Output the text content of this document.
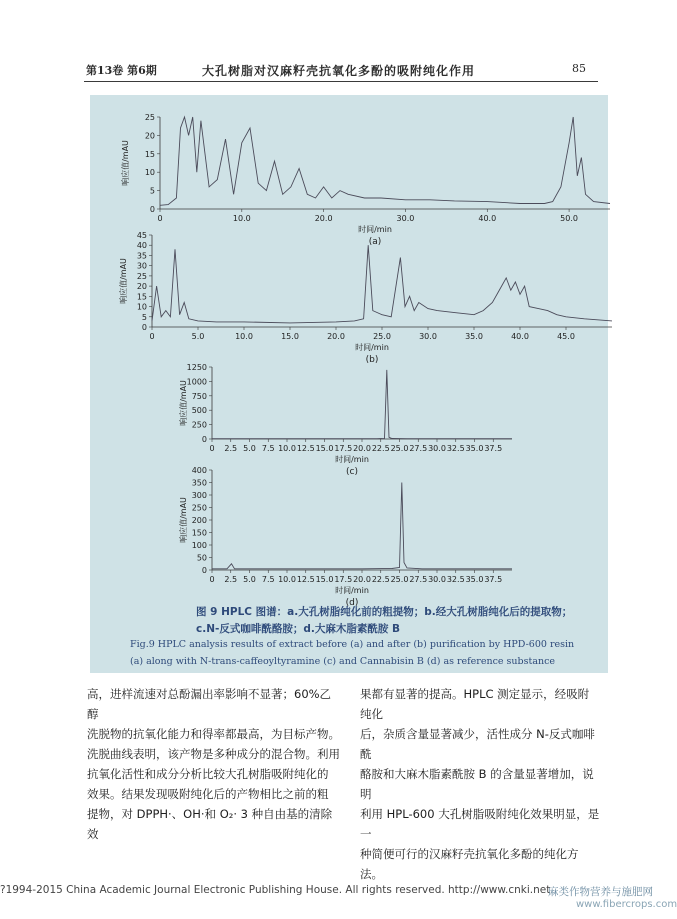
第13卷 第6期	大孔树脂对汉麻籽壳抗氧化多酚的吸附纯化作用	85
0
5
10
15
20
25
0	10.0	20.0	30.0	40.0	50.0
时间/min
(a)
响应值/mAU
0
5
10
15
20
25
30
35
40
45
0	5.0	10.0	15.0	20.0	25.0	30.0	35.0	40.0	45.0
时间/min
(b)
响应值/mAU
0
250
500
750
1000
1250
0 2.5 5.0 7.5 10.0 12.5 15.0 17.5 20.0 22.5 25.0 27.5 30.0 32.5 35.0 37.5
时间/min
(c)
响应值/mAU
0
50
100
150
200
250
300
350
400
0 2.5 5.0 7.5 10.0 12.5 15.0 17.5 20.0 22.5 25.0 27.5 30.0 32.5 35.0 37.5
时间/min
(d)
响应值/mAU
图 9 HPLC 图谱：a.大孔树脂纯化前的粗提物；b.经大孔树脂纯化后的提取物；
c.N-反式咖啡酰酪胺；d.大麻木脂素酰胺 B
Fig.9 HPLC analysis results of extract before (a) and after (b) purification by HPD-600 resin (a) along with N-trans-caffeoyltyramine (c) and Cannabisin B (d) as reference substance
高，进样流速对总酚漏出率影响不显著；60%乙醇
洗脱物的抗氧化能力和得率都最高，为目标产物。
洗脱曲线表明，该产物是多种成分的混合物。利用
抗氧化活性和成分分析比较大孔树脂吸附纯化的
效果。结果发现吸附纯化后的产物相比之前的粗
提物，对 DPPH·、OH·和 O₂· 3 种自由基的清除效
果都有显著的提高。HPLC 测定显示，经吸附纯化
后，杂质含量显著减少，活性成分 N-反式咖啡酰
酪胺和大麻木脂素酰胺 B 的含量显著增加，说明
利用 HPL-600 大孔树脂吸附纯化效果明显，是一
种简便可行的汉麻籽壳抗氧化多酚的纯化方法。
?1994-2015 China Academic Journal Electronic Publishing House. All rights reserved. http://www.cnki.net
麻类作物营养与施肥网
www.fibercrops.com
